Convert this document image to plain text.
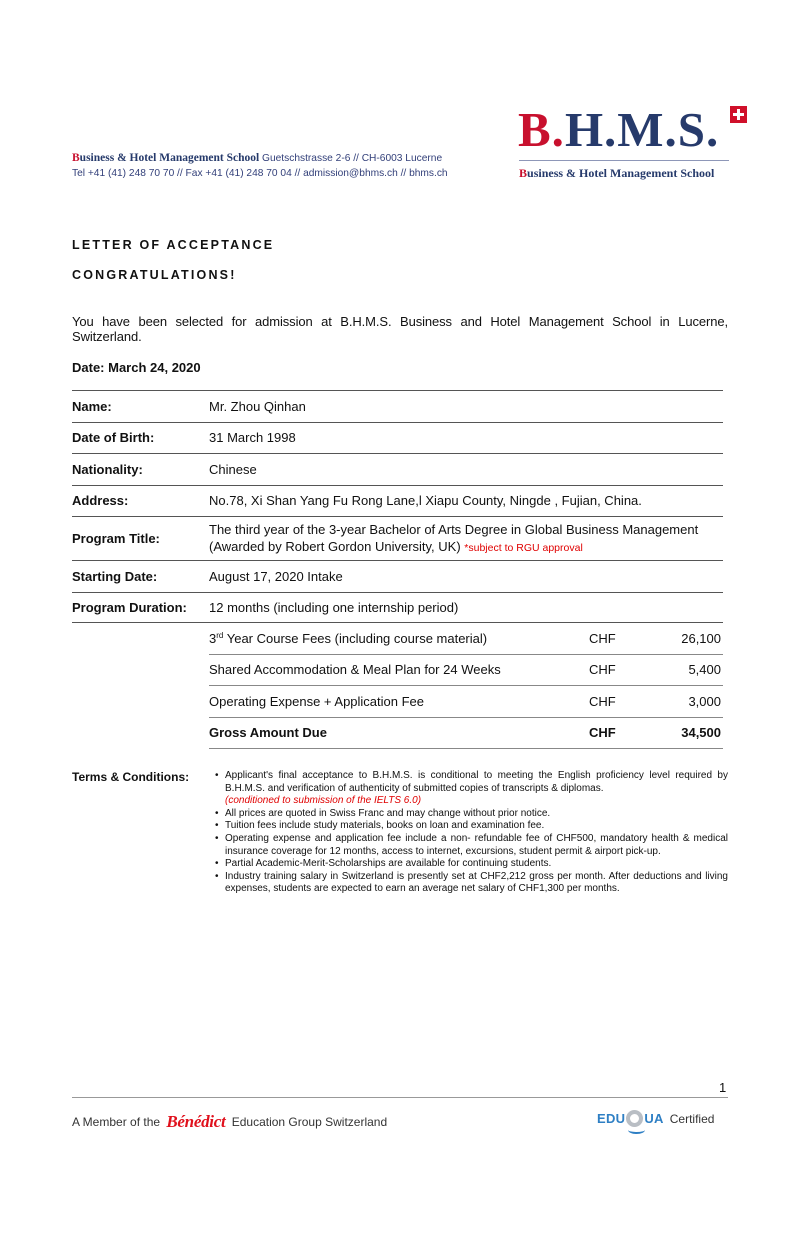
Business & Hotel Management School Guetschstrasse 2-6 // CH-6003 Lucerne
Tel +41 (41) 248 70 70 // Fax +41 (41) 248 70 04 // admission@bhms.ch // bhms.ch
B.H.M.S.
Business & Hotel Management School
LETTER OF ACCEPTANCE
CONGRATULATIONS!
You have been selected for admission at B.H.M.S. Business and Hotel Management School in Lucerne, Switzerland.
Date: March 24, 2020
Name:	Mr. Zhou Qinhan
Date of Birth:	31 March 1998
Nationality:	Chinese
Address:	No.78, Xi Shan Yang Fu Rong Lane,l Xiapu County, Ningde , Fujian, China.
Program Title:
The third year of the 3-year Bachelor of Arts Degree in Global Business Management (Awarded by Robert Gordon University, UK) *subject to RGU approval
Starting Date:	August 17, 2020 Intake
Program Duration:	12 months (including one internship period)
3rd Year Course Fees (including course material)	CHF	26,100
Shared Accommodation & Meal Plan for 24 Weeks	CHF	5,400
Operating Expense + Application Fee	CHF	3,000
Gross Amount Due	CHF	34,500
Terms & Conditions:	• Applicant's final acceptance to B.H.M.S. is conditional to meeting the English proficiency level required by B.H.M.S. and verification of authenticity of submitted copies of transcripts & diplomas.
(conditioned to submission of the IELTS 6.0)
• All prices are quoted in Swiss Franc and may change without prior notice.
• Tuition fees include study materials, books on loan and examination fee.
• Operating expense and application fee include a non- refundable fee of CHF500, mandatory health & medical insurance coverage for 12 months, access to internet, excursions, student permit & airport pick-up.
• Partial Academic-Merit-Scholarships are available for continuing students.
• Industry training salary in Switzerland is presently set at CHF2,212 gross per month. After deductions and living expenses, students are expected to earn an average net salary of CHF1,300 per months.
1
A Member of the Bénédict Education Group Switzerland	EDU UA Certified
